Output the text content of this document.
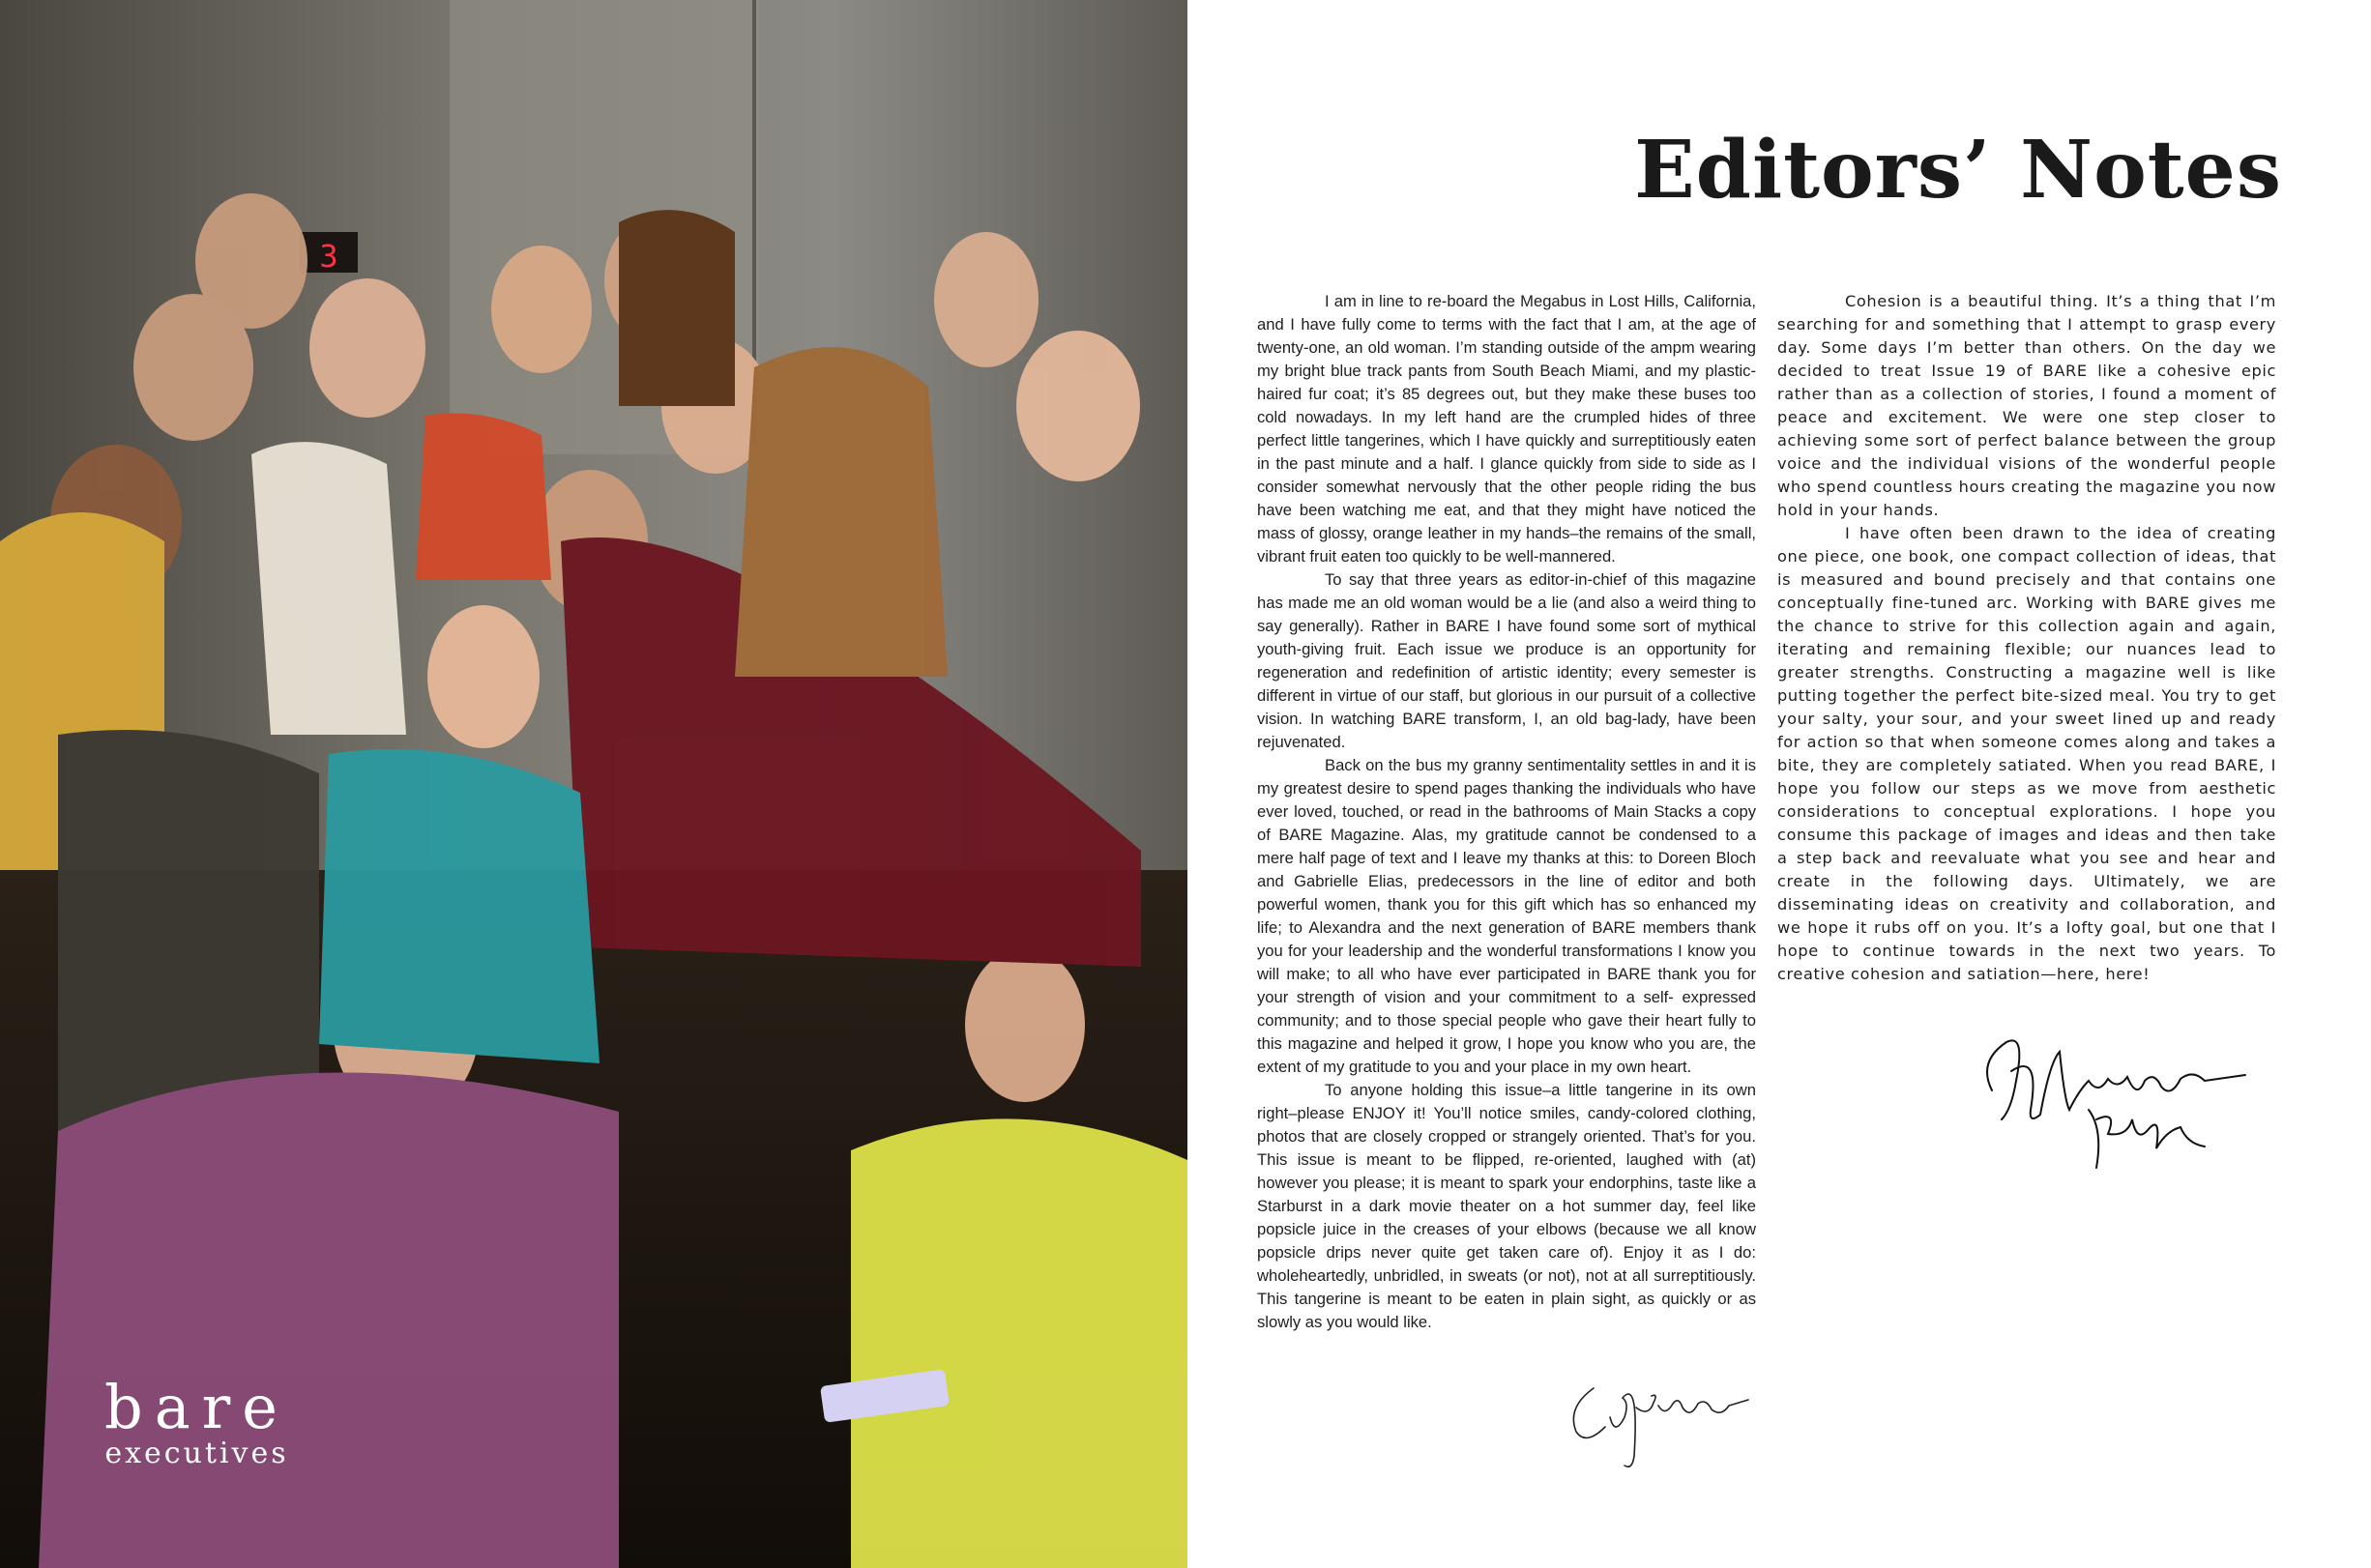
3
bare
executives
Editors’ Notes

I am in line to re-board the Megabus in Lost Hills, California, and I have fully come to terms with the fact that I am, at the age of twenty-one, an old woman. I’m standing outside of the ampm wearing my bright blue track pants from South Beach Miami, and my plastic-haired fur coat; it’s 85 degrees out, but they make these buses too cold nowadays. In my left hand are the crumpled hides of three perfect little tangerines, which I have quickly and surreptitiously eaten in the past minute and a half. I glance quickly from side to side as I consider somewhat nervously that the other people riding the bus have been watching me eat, and that they might have noticed the mass of glossy, orange leather in my hands–the remains of the small, vibrant fruit eaten too quickly to be well-mannered.

To say that three years as editor-in-chief of this magazine has made me an old woman would be a lie (and also a weird thing to say generally). Rather in BARE I have found some sort of mythical youth-giving fruit. Each issue we produce is an opportunity for regeneration and redefinition of artistic identity; every semester is different in virtue of our staff, but glorious in our pursuit of a collective vision. In watching BARE transform, I, an old bag-lady, have been rejuvenated.

Back on the bus my granny sentimentality settles in and it is my greatest desire to spend pages thanking the individuals who have ever loved, touched, or read in the bathrooms of Main Stacks a copy of BARE Magazine. Alas, my gratitude cannot be condensed to a mere half page of text and I leave my thanks at this: to Doreen Bloch and Gabrielle Elias, predecessors in the line of editor and both powerful women, thank you for this gift which has so enhanced my life; to Alexandra and the next generation of BARE members thank you for your leadership and the wonderful transformations I know you will make; to all who have ever participated in BARE thank you for your strength of vision and your commitment to a self- expressed community; and to those special people who gave their heart fully to this magazine and helped it grow, I hope you know who you are, the extent of my gratitude to you and your place in my own heart.

To anyone holding this issue–a little tangerine in its own right–please ENJOY it! You’ll notice smiles, candy-colored clothing, photos that are closely cropped or strangely oriented. That’s for you. This issue is meant to be flipped, re-oriented, laughed with (at) however you please; it is meant to spark your endorphins, taste like a Starburst in a dark movie theater on a hot summer day, feel like popsicle juice in the creases of your elbows (because we all know popsicle drips never quite get taken care of). Enjoy it as I do: wholeheartedly, unbridled, in sweats (or not), not at all surreptitiously. This tangerine is meant to be eaten in plain sight, as quickly or as slowly as you would like.

Cohesion is a beautiful thing. It’s a thing that I’m searching for and something that I attempt to grasp every day. Some days I’m better than others. On the day we decided to treat Issue 19 of BARE like a cohesive epic rather than as a collection of stories, I found a moment of peace and excitement. We were one step closer to achieving some sort of perfect balance between the group voice and the individual visions of the wonderful people who spend countless hours creating the magazine you now hold in your hands.

I have often been drawn to the idea of creating one piece, one book, one compact collection of ideas, that is measured and bound precisely and that contains one conceptually fine-tuned arc. Working with BARE gives me the chance to strive for this collection again and again, iterating and remaining flexible; our nuances lead to greater strengths. Constructing a magazine well is like putting together the perfect bite-sized meal. You try to get your salty, your sour, and your sweet lined up and ready for action so that when someone comes along and takes a bite, they are completely satiated. When you read BARE, I hope you follow our steps as we move from aesthetic considerations to conceptual explorations. I hope you consume this package of images and ideas and then take a step back and reevaluate what you see and hear and create in the following days. Ultimately, we are disseminating ideas on creativity and collaboration, and we hope it rubs off on you. It’s a lofty goal, but one that I hope to continue towards in the next two years. To creative cohesion and satiation—here, here!
